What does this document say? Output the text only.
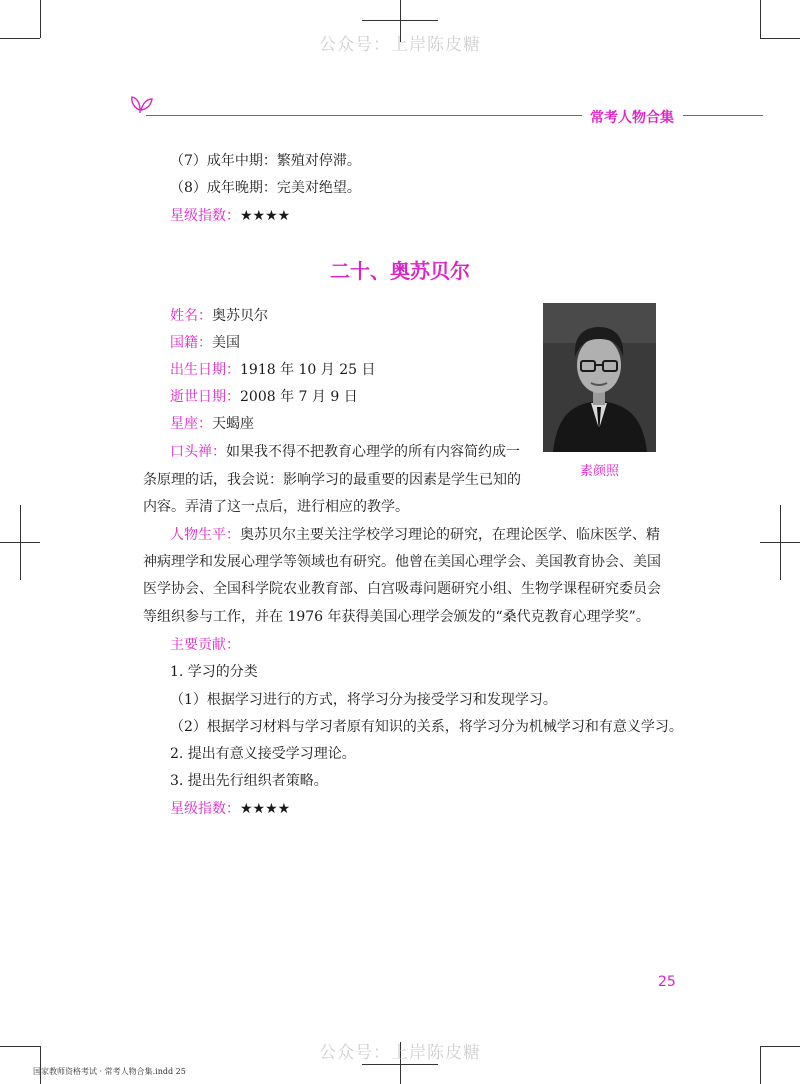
公众号：上岸陈皮糖
公众号：上岸陈皮糖
常考人物合集
（7）成年中期：繁殖对停滞。
（8）成年晚期：完美对绝望。
星级指数：★★★★
二十、奥苏贝尔
姓名：奥苏贝尔
国籍：美国
出生日期：1918 年 10 月 25 日
逝世日期：2008 年 7 月 9 日
星座：天蝎座
口头禅：如果我不得不把教育心理学的所有内容简约成一
条原理的话，我会说：影响学习的最重要的因素是学生已知的
内容。弄清了这一点后，进行相应的教学。
素颜照
人物生平：奥苏贝尔主要关注学校学习理论的研究，在理论医学、临床医学、精
神病理学和发展心理学等领域也有研究。他曾在美国心理学会、美国教育协会、美国
医学协会、全国科学院农业教育部、白宫吸毒问题研究小组、生物学课程研究委员会
等组织参与工作，并在 1976 年获得美国心理学会颁发的“桑代克教育心理学奖”。
主要贡献：
1. 学习的分类
（1）根据学习进行的方式，将学习分为接受学习和发现学习。
（2）根据学习材料与学习者原有知识的关系，将学习分为机械学习和有意义学习。
2. 提出有意义接受学习理论。
3. 提出先行组织者策略。
星级指数：★★★★
25
国家教师资格考试 · 常考人物合集.indd 25
